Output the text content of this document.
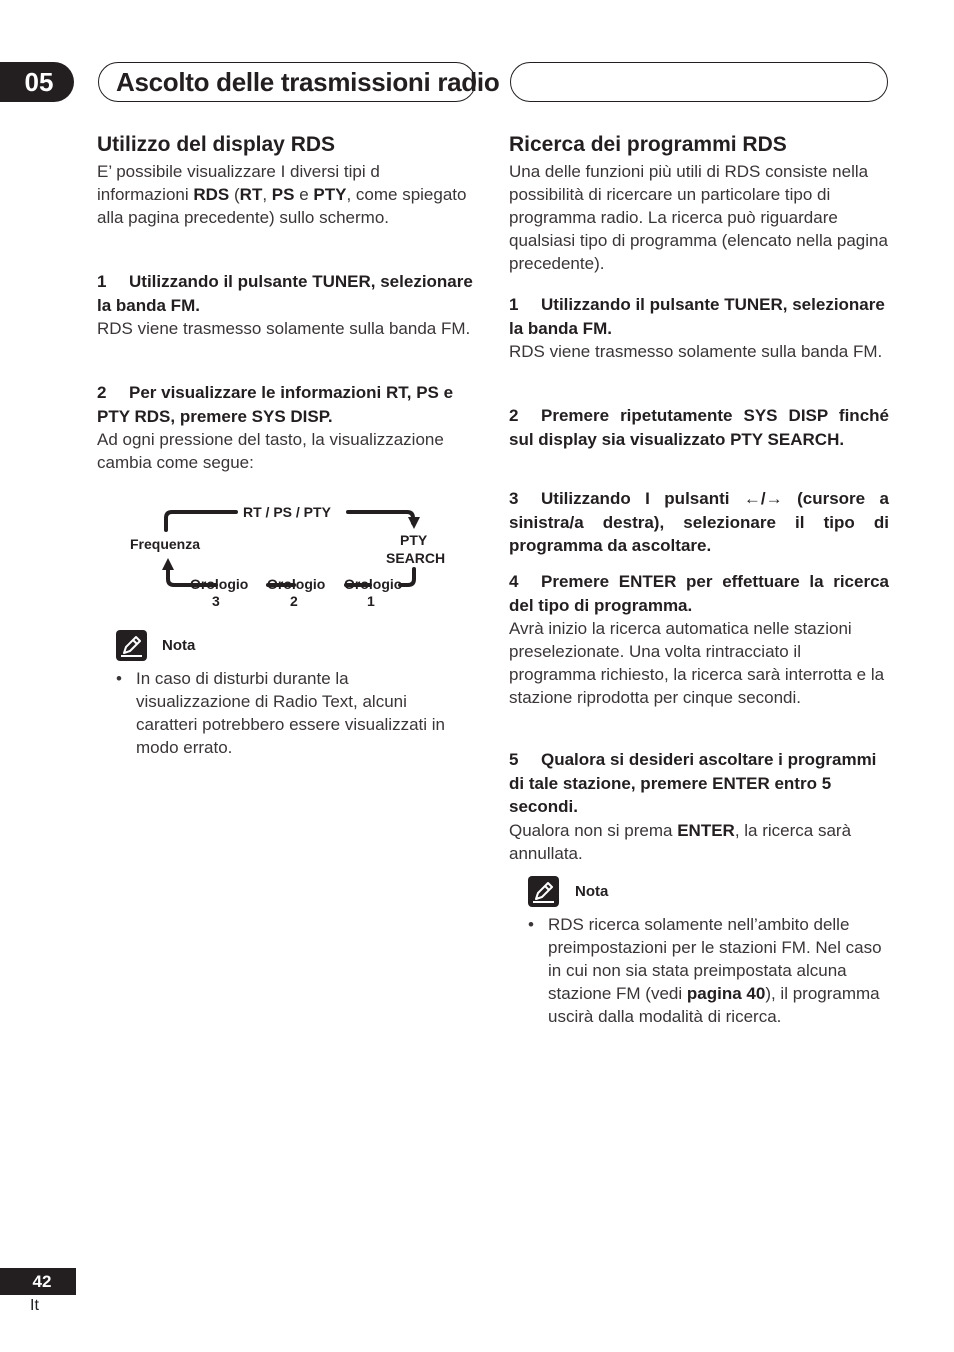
05	Ascolto delle trasmissioni radio
Utilizzo del display RDS
E’ possibile visualizzare I diversi tipi d informazioni RDS (RT, PS e PTY, come spiegato alla pagina precedente) sullo schermo.
1 Utilizzando il pulsante TUNER, selezionare la banda FM.
RDS viene trasmesso solamente sulla banda FM.
2 Per visualizzare le informazioni RT, PS e PTY RDS, premere SYS DISP.
Ad ogni pressione del tasto, la visualizzazione cambia come segue:
RT / PS / PTY
Frequenza	PTY
SEARCH
Orologio Orologio Orologio
3	2	1
Nota
• In caso di disturbi durante la visualizzazione di Radio Text, alcuni caratteri potrebbero essere visualizzati in modo errato.
Ricerca dei programmi RDS
Una delle funzioni più utili di RDS consiste nella possibilità di ricercare un particolare tipo di programma radio. La ricerca può riguardare qualsiasi tipo di programma (elencato nella pagina precedente).
1 Utilizzando il pulsante TUNER, selezionare la banda FM.
RDS viene trasmesso solamente sulla banda FM.
2 Premere ripetutamente SYS DISP finché sul display sia visualizzato PTY SEARCH.
3 Utilizzando I pulsanti ←/→ (cursore a sinistra/a destra), selezionare il tipo di programma da ascoltare.
4 Premere ENTER per effettuare la ricerca del tipo di programma.
Avrà inizio la ricerca automatica nelle stazioni preselezionate. Una volta rintracciato il programma richiesto, la ricerca sarà interrotta e la stazione riprodotta per cinque secondi.
5 Qualora si desideri ascoltare i programmi di tale stazione, premere ENTER entro 5 secondi.
Qualora non si prema ENTER, la ricerca sarà annullata.
Nota
• RDS ricerca solamente nell’ambito delle preimpostazioni per le stazioni FM. Nel caso in cui non sia stata preimpostata alcuna stazione FM (vedi pagina 40), il programma uscirà dalla modalità di ricerca.
42
It
